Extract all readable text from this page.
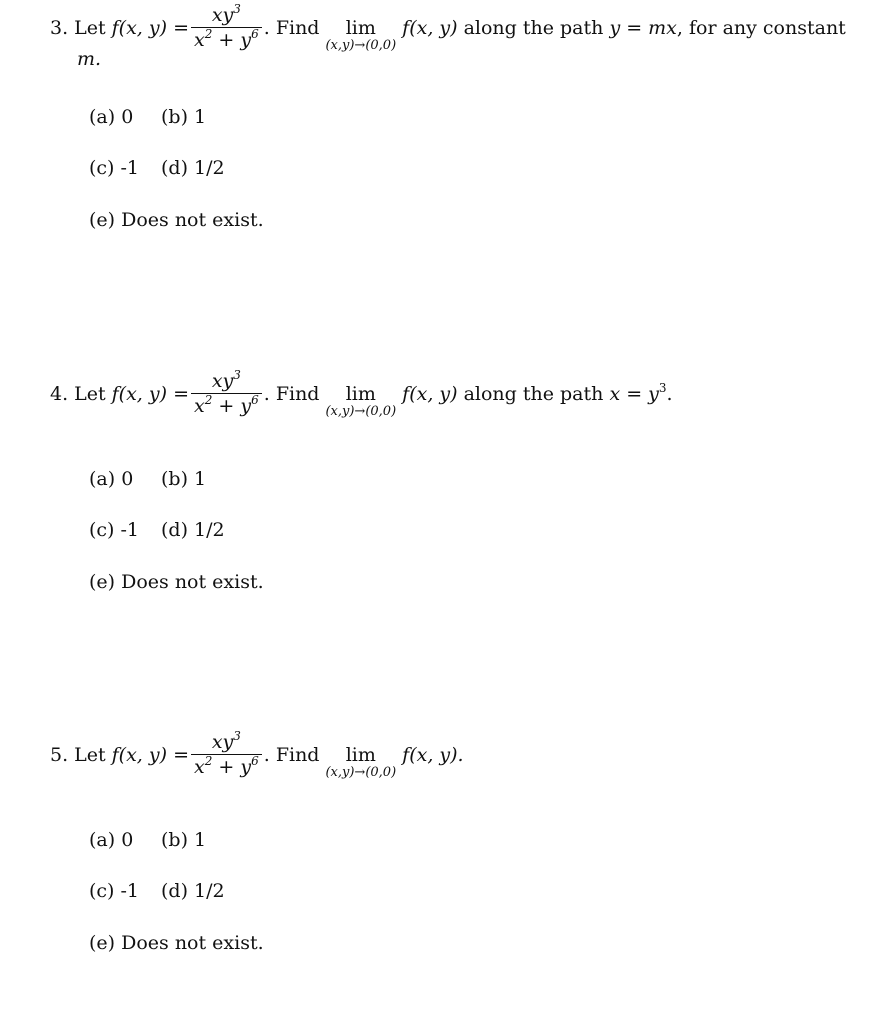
3. Let f(x, $y) = \frac{xy^3}{x^2 + y^6}$ . Find lim
(x,y)→(0,0)
f(x, y) along the path y = mx , for any constant
m.
(a) 0 (b) 1
(c) -1 (d) 1/2
(e) Does not exist.
4. Let f(x, $y) = \frac{xy^3}{x^2 + y^6}$ . Find lim
(x,y)→(0,0)
f(x, y) along the path $x = y^3$ .
(a) 0 (b) 1
(c) -1 (d) 1/2
(e) Does not exist.
5. Let f(x, $y) = \frac{xy^3}{x^2 + y^6}$ . Find lim
(x,y)→(0,0)
f(x, y).
(a) 0 (b) 1
(c) -1 (d) 1/2
(e) Does not exist.
